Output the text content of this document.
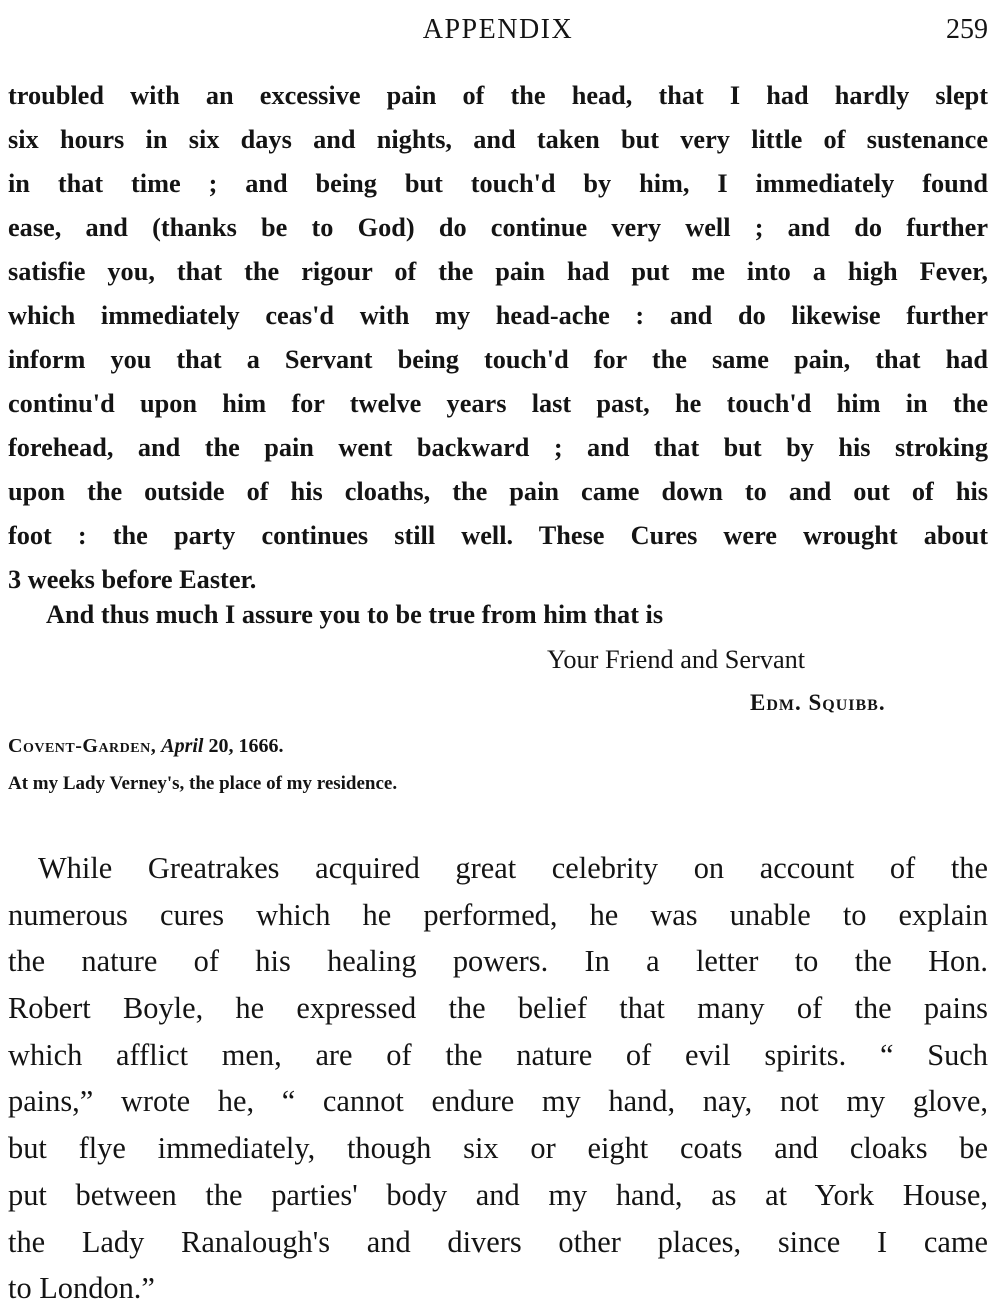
APPENDIX	259
troubled with an excessive pain of the head, that I had hardly slept
six hours in six days and nights, and taken but very little of sustenance
in that time ; and being but touch'd by him, I immediately found
ease, and (thanks be to God) do continue very well ; and do further
satisfie you, that the rigour of the pain had put me into a high Fever,
which immediately ceas'd with my head-ache : and do likewise further
inform you that a Servant being touch'd for the same pain, that had
continu'd upon him for twelve years last past, he touch'd him in the
forehead, and the pain went backward ; and that but by his stroking
upon the outside of his cloaths, the pain came down to and out of his
foot : the party continues still well. These Cures were wrought about
3 weeks before Easter.
And thus much I assure you to be true from him that is
Your Friend and Servant
Edm. Squibb.
Covent-Garden, April 20, 1666.
At my Lady Verney's, the place of my residence.
While Greatrakes acquired great celebrity on account of the
numerous cures which he performed, he was unable to explain
the nature of his healing powers. In a letter to the Hon.
Robert Boyle, he expressed the belief that many of the pains
which afflict men, are of the nature of evil spirits. “ Such
pains,” wrote he, “ cannot endure my hand, nay, not my glove,
but flye immediately, though six or eight coats and cloaks be
put between the parties' body and my hand, as at York House,
the Lady Ranalough's and divers other places, since I came
to London.”
